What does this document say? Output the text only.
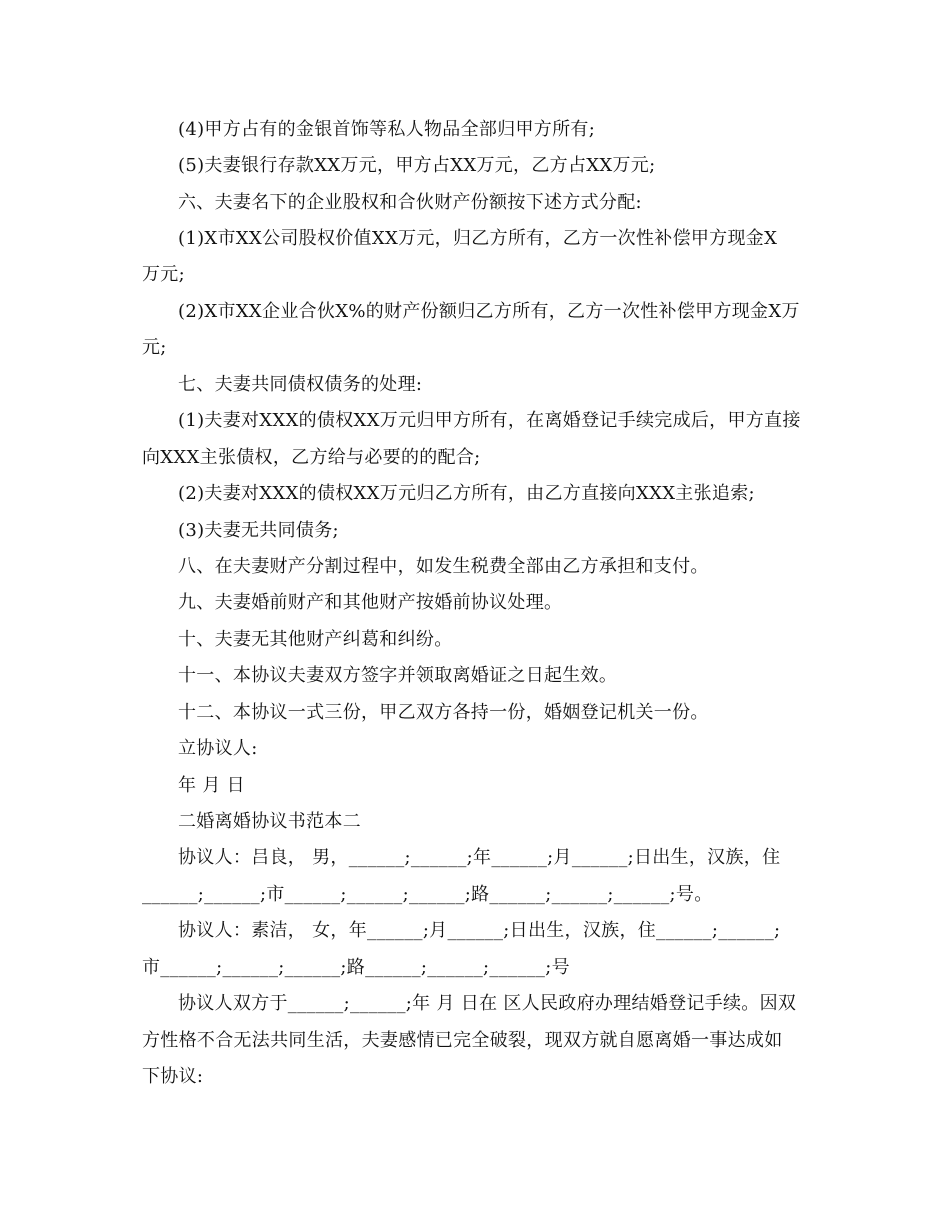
(4)甲方占有的金银首饰等私人物品全部归甲方所有;
(5)夫妻银行存款XX万元，甲方占XX万元，乙方占XX万元;
六、夫妻名下的企业股权和合伙财产份额按下述方式分配:
(1)X市XX公司股权价值XX万元，归乙方所有，乙方一次性补偿甲方现金X
万元;
(2)X市XX企业合伙X%的财产份额归乙方所有，乙方一次性补偿甲方现金X万
元;
七、夫妻共同债权债务的处理:
(1)夫妻对XXX的债权XX万元归甲方所有，在离婚登记手续完成后，甲方直接
向XXX主张债权，乙方给与必要的的配合;
(2)夫妻对XXX的债权XX万元归乙方所有，由乙方直接向XXX主张追索;
(3)夫妻无共同债务;
八、在夫妻财产分割过程中，如发生税费全部由乙方承担和支付。
九、夫妻婚前财产和其他财产按婚前协议处理。
十、夫妻无其他财产纠葛和纠纷。
十一、本协议夫妻双方签字并领取离婚证之日起生效。
十二、本协议一式三份，甲乙双方各持一份，婚姻登记机关一份。
立协议人:
年 月 日
二婚离婚协议书范本二
协议人：吕良， 男，______;______;年______;月______;日出生，汉族，住
______;______;市______;______;______;路______;______;______;号。
协议人：素洁， 女，年______;月______;日出生，汉族，住______;______;
市______;______;______;路______;______;______;号
协议人双方于______;______;年 月 日在 区人民政府办理结婚登记手续。因双
方性格不合无法共同生活，夫妻感情已完全破裂，现双方就自愿离婚一事达成如
下协议:
